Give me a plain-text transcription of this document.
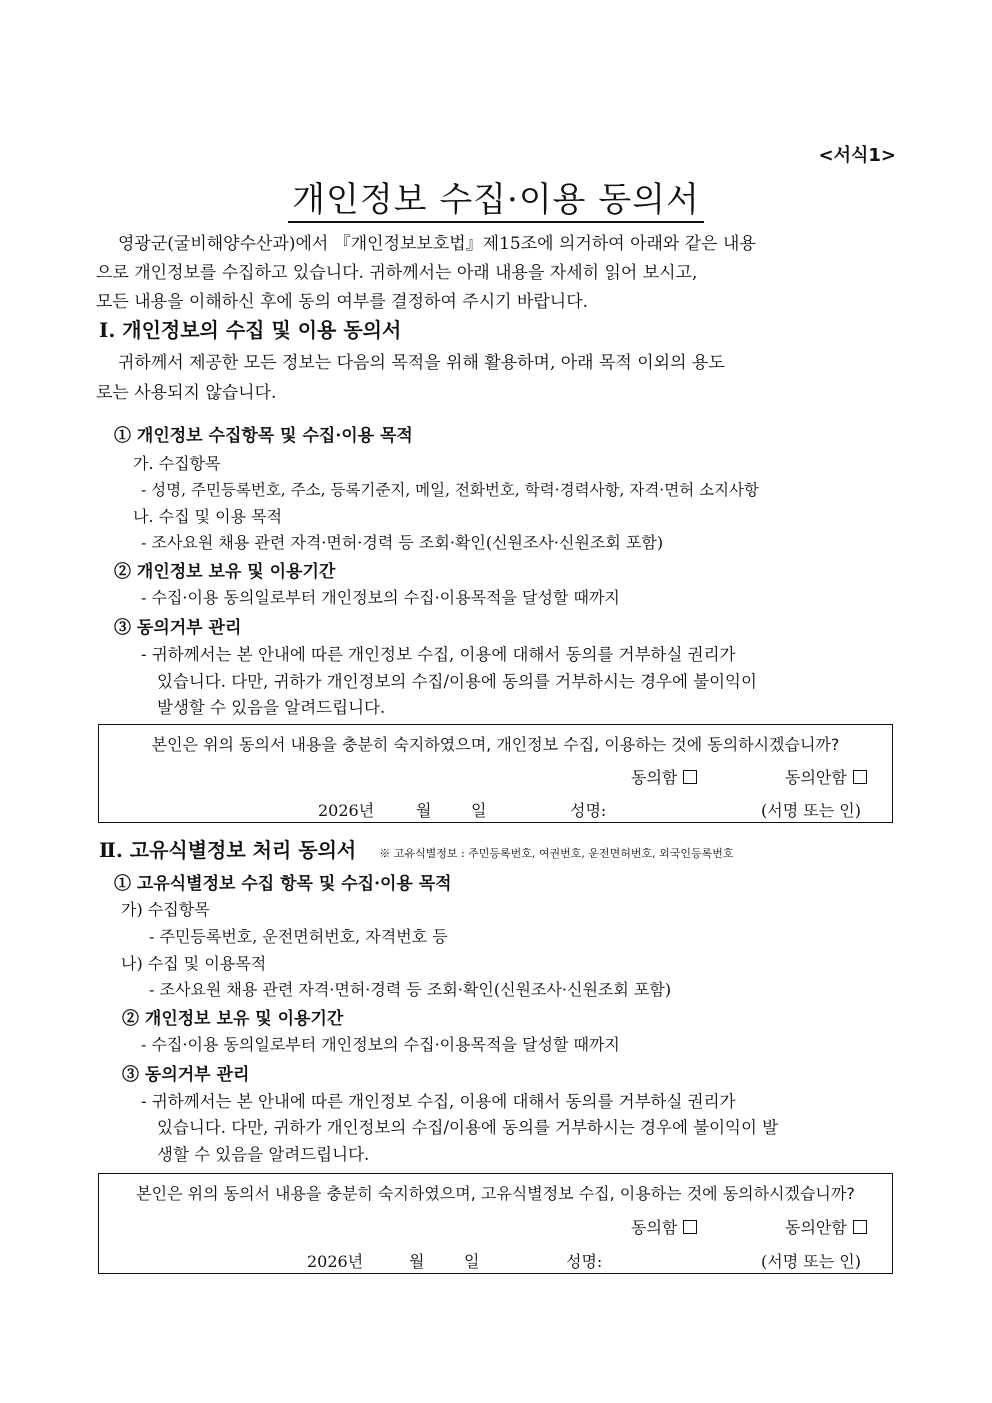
<서식1>
개인정보 수집·이용 동의서
영광군(굴비해양수산과)에서 『개인정보보호법』제15조에 의거하여 아래와 같은 내용
으로 개인정보를 수집하고 있습니다. 귀하께서는 아래 내용을 자세히 읽어 보시고,
모든 내용을 이해하신 후에 동의 여부를 결정하여 주시기 바랍니다.
Ⅰ. 개인정보의 수집 및 이용 동의서
귀하께서 제공한 모든 정보는 다음의 목적을 위해 활용하며, 아래 목적 이외의 용도
로는 사용되지 않습니다.
① 개인정보 수집항목 및 수집·이용 목적
가. 수집항목
- 성명, 주민등록번호, 주소, 등록기준지, 메일, 전화번호, 학력·경력사항, 자격·면허 소지사항
나. 수집 및 이용 목적
- 조사요원 채용 관련 자격·면허·경력 등 조회·확인(신원조사·신원조회 포함)
② 개인정보 보유 및 이용기간
- 수집·이용 동의일로부터 개인정보의 수집·이용목적을 달성할 때까지
③ 동의거부 관리
- 귀하께서는 본 안내에 따른 개인정보 수집, 이용에 대해서 동의를 거부하실 권리가
있습니다. 다만, 귀하가 개인정보의 수집/이용에 동의를 거부하시는 경우에 불이익이
발생할 수 있음을 알려드립니다.
본인은 위의 동의서 내용을 충분히 숙지하였으며, 개인정보 수집, 이용하는 것에 동의하시겠습니까?
동의함	동의안함
2026년	월 일	성명:	(서명 또는 인)
Ⅱ. 고유식별정보 처리 동의서 ※ 고유식별정보 : 주민등록번호, 여권번호, 운전면허번호, 외국인등록번호
① 고유식별정보 수집 항목 및 수집·이용 목적
가) 수집항목
- 주민등록번호, 운전면허번호, 자격번호 등
나) 수집 및 이용목적
- 조사요원 채용 관련 자격·면허·경력 등 조회·확인(신원조사·신원조회 포함)
② 개인정보 보유 및 이용기간
- 수집·이용 동의일로부터 개인정보의 수집·이용목적을 달성할 때까지
③ 동의거부 관리
- 귀하께서는 본 안내에 따른 개인정보 수집, 이용에 대해서 동의를 거부하실 권리가
있습니다. 다만, 귀하가 개인정보의 수집/이용에 동의를 거부하시는 경우에 불이익이 발
생할 수 있음을 알려드립니다.
본인은 위의 동의서 내용을 충분히 숙지하였으며, 고유식별정보 수집, 이용하는 것에 동의하시겠습니까?
동의함	동의안함
2026년	월 일	성명:	(서명 또는 인)
